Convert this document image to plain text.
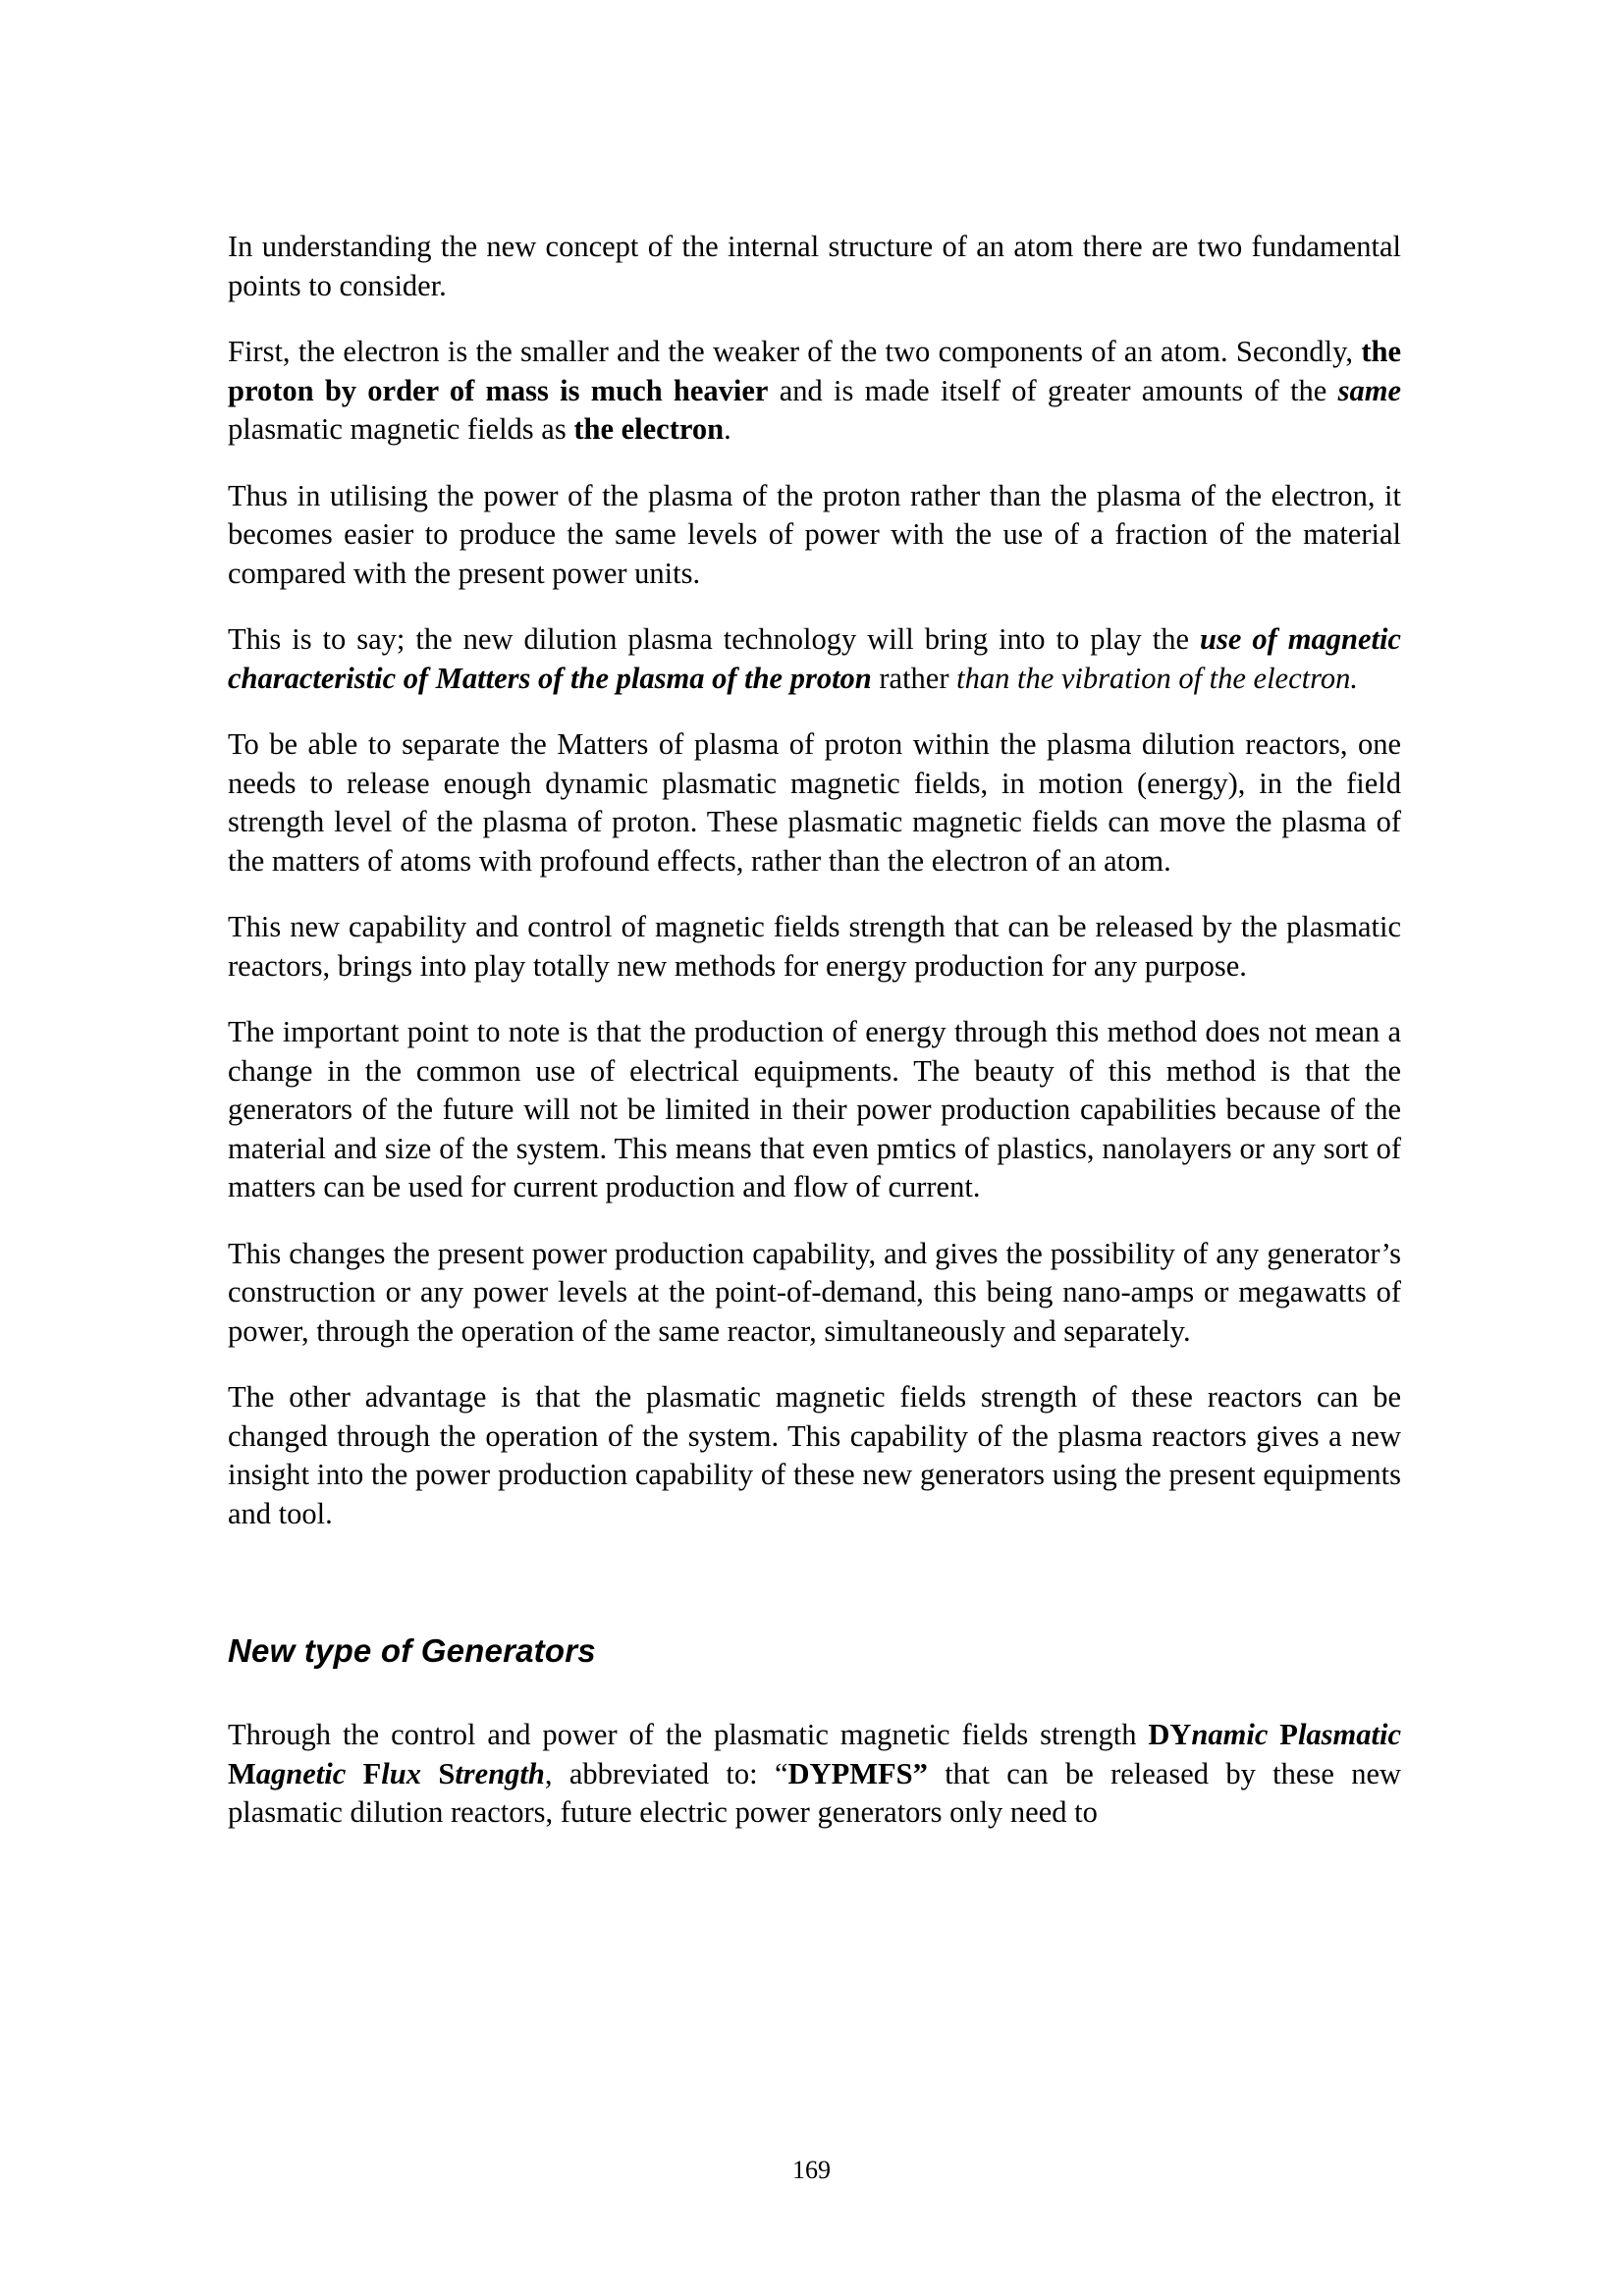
In understanding the new concept of the internal structure of an atom there are two fundamental points to consider.

First, the electron is the smaller and the weaker of the two components of an atom. Secondly, the proton by order of mass is much heavier and is made itself of greater amounts of the same plasmatic magnetic fields as the electron.

Thus in utilising the power of the plasma of the proton rather than the plasma of the electron, it becomes easier to produce the same levels of power with the use of a fraction of the material compared with the present power units.

This is to say; the new dilution plasma technology will bring into to play the use of magnetic characteristic of Matters of the plasma of the proton rather than the vibration of the electron.

To be able to separate the Matters of plasma of proton within the plasma dilution reactors, one needs to release enough dynamic plasmatic magnetic fields, in motion (energy), in the field strength level of the plasma of proton. These plasmatic magnetic fields can move the plasma of the matters of atoms with profound effects, rather than the electron of an atom.

This new capability and control of magnetic fields strength that can be released by the plasmatic reactors, brings into play totally new methods for energy production for any purpose.

The important point to note is that the production of energy through this method does not mean a change in the common use of electrical equipments. The beauty of this method is that the generators of the future will not be limited in their power production capabilities because of the material and size of the system. This means that even pmtics of plastics, nanolayers or any sort of matters can be used for current production and flow of current.

This changes the present power production capability, and gives the possibility of any generator’s construction or any power levels at the point-of-demand, this being nano-amps or megawatts of power, through the operation of the same reactor, simultaneously and separately.

The other advantage is that the plasmatic magnetic fields strength of these reactors can be changed through the operation of the system. This capability of the plasma reactors gives a new insight into the power production capability of these new generators using the present equipments and tool.

New type of Generators

Through the control and power of the plasmatic magnetic fields strength DYnamic Plasmatic Magnetic Flux Strength, abbreviated to: “DYPMFS” that can be released by these new plasmatic dilution reactors, future electric power generators only need to

169
